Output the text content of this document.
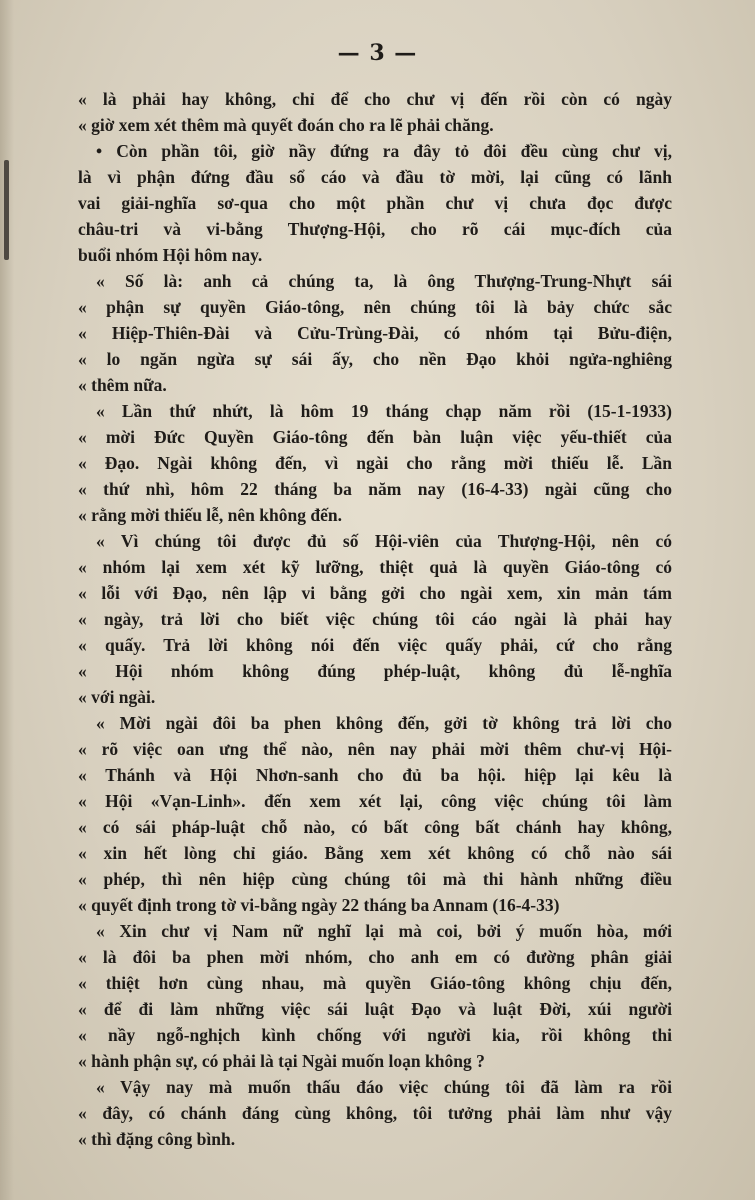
— 3 —
« là phải hay không, chỉ để cho chư vị đến rồi còn có ngày
« giờ xem xét thêm mà quyết đoán cho ra lẽ phải chăng.
• Còn phần tôi, giờ nầy đứng ra đây tỏ đôi đều cùng chư vị,
là vì phận đứng đầu sổ cáo và đầu tờ mời, lại cũng có lãnh
vai giải-nghĩa sơ-qua cho một phần chư vị chưa đọc được
châu-tri và vi-bằng Thượng-Hội, cho rõ cái mục-đích của
buổi nhóm Hội hôm nay.
« Số là: anh cả chúng ta, là ông Thượng-Trung-Nhựt sái
« phận sự quyền Giáo-tông, nên chúng tôi là bảy chức sắc
« Hiệp-Thiên-Đài và Cửu-Trùng-Đài, có nhóm tại Bửu-điện,
« lo ngăn ngừa sự sái ấy, cho nền Đạo khỏi ngửa-nghiêng
« thêm nữa.
« Lần thứ nhứt, là hôm 19 tháng chạp năm rồi (15-1-1933)
« mời Đức Quyền Giáo-tông đến bàn luận việc yếu-thiết của
« Đạo. Ngài không đến, vì ngài cho rằng mời thiếu lễ. Lần
« thứ nhì, hôm 22 tháng ba năm nay (16-4-33) ngài cũng cho
« rằng mời thiếu lễ, nên không đến.
« Vì chúng tôi được đủ số Hội-viên của Thượng-Hội, nên có
« nhóm lại xem xét kỹ lưỡng, thiệt quả là quyền Giáo-tông có
« lỗi với Đạo, nên lập vi bằng gởi cho ngài xem, xin mản tám
« ngày, trả lời cho biết việc chúng tôi cáo ngài là phải hay
« quấy. Trả lời không nói đến việc quấy phải, cứ cho rằng
« Hội nhóm không đúng phép-luật, không đủ lễ-nghĩa
« với ngài.
« Mời ngài đôi ba phen không đến, gởi tờ không trả lời cho
« rõ việc oan ưng thể nào, nên nay phải mời thêm chư-vị Hội-
« Thánh và Hội Nhơn-sanh cho đủ ba hội. hiệp lại kêu là
« Hội «Vạn-Linh». đến xem xét lại, công việc chúng tôi làm
« có sái pháp-luật chỗ nào, có bất công bất chánh hay không,
« xin hết lòng chỉ giáo. Bằng xem xét không có chỗ nào sái
« phép, thì nên hiệp cùng chúng tôi mà thi hành những điều
« quyết định trong tờ vi-bằng ngày 22 tháng ba Annam (16-4-33)
« Xin chư vị Nam nữ nghĩ lại mà coi, bởi ý muốn hòa, mới
« là đôi ba phen mời nhóm, cho anh em có đường phân giải
« thiệt hơn cùng nhau, mà quyền Giáo-tông không chịu đến,
« để đi làm những việc sái luật Đạo và luật Đời, xúi người
« nầy ngỗ-nghịch kình chống với người kia, rồi không thi
« hành phận sự, có phải là tại Ngài muốn loạn không ?
« Vậy nay mà muốn thấu đáo việc chúng tôi đã làm ra rồi
« đây, có chánh đáng cùng không, tôi tưởng phải làm như vậy
« thì đặng công bình.
